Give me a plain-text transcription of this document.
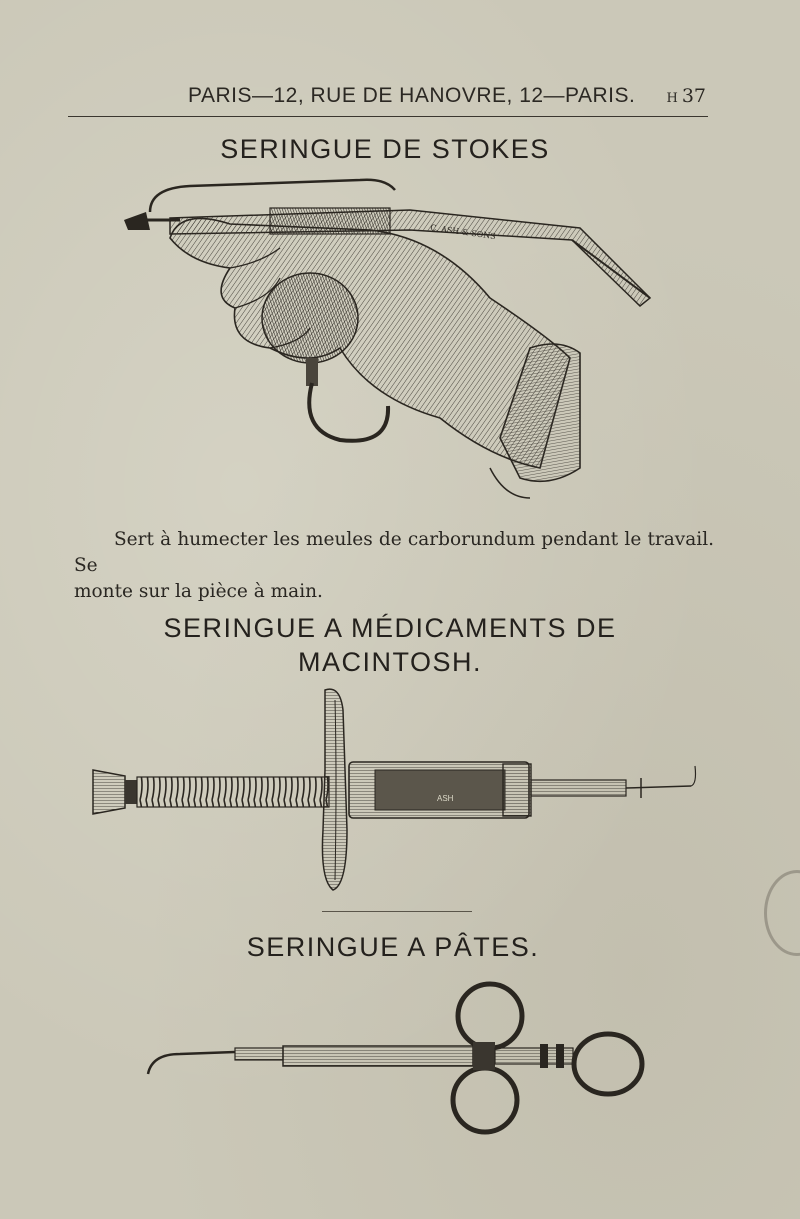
PARIS—12, RUE DE HANOVRE, 12—PARIS. H 37
SERINGUE DE STOKES
C. ASH & SONS
Sert à humecter les meules de carborundum pendant le travail. Se
monte sur la pièce à main.
SERINGUE A MÉDICAMENTS DE
MACINTOSH.
ASH
SERINGUE A PÂTES.
